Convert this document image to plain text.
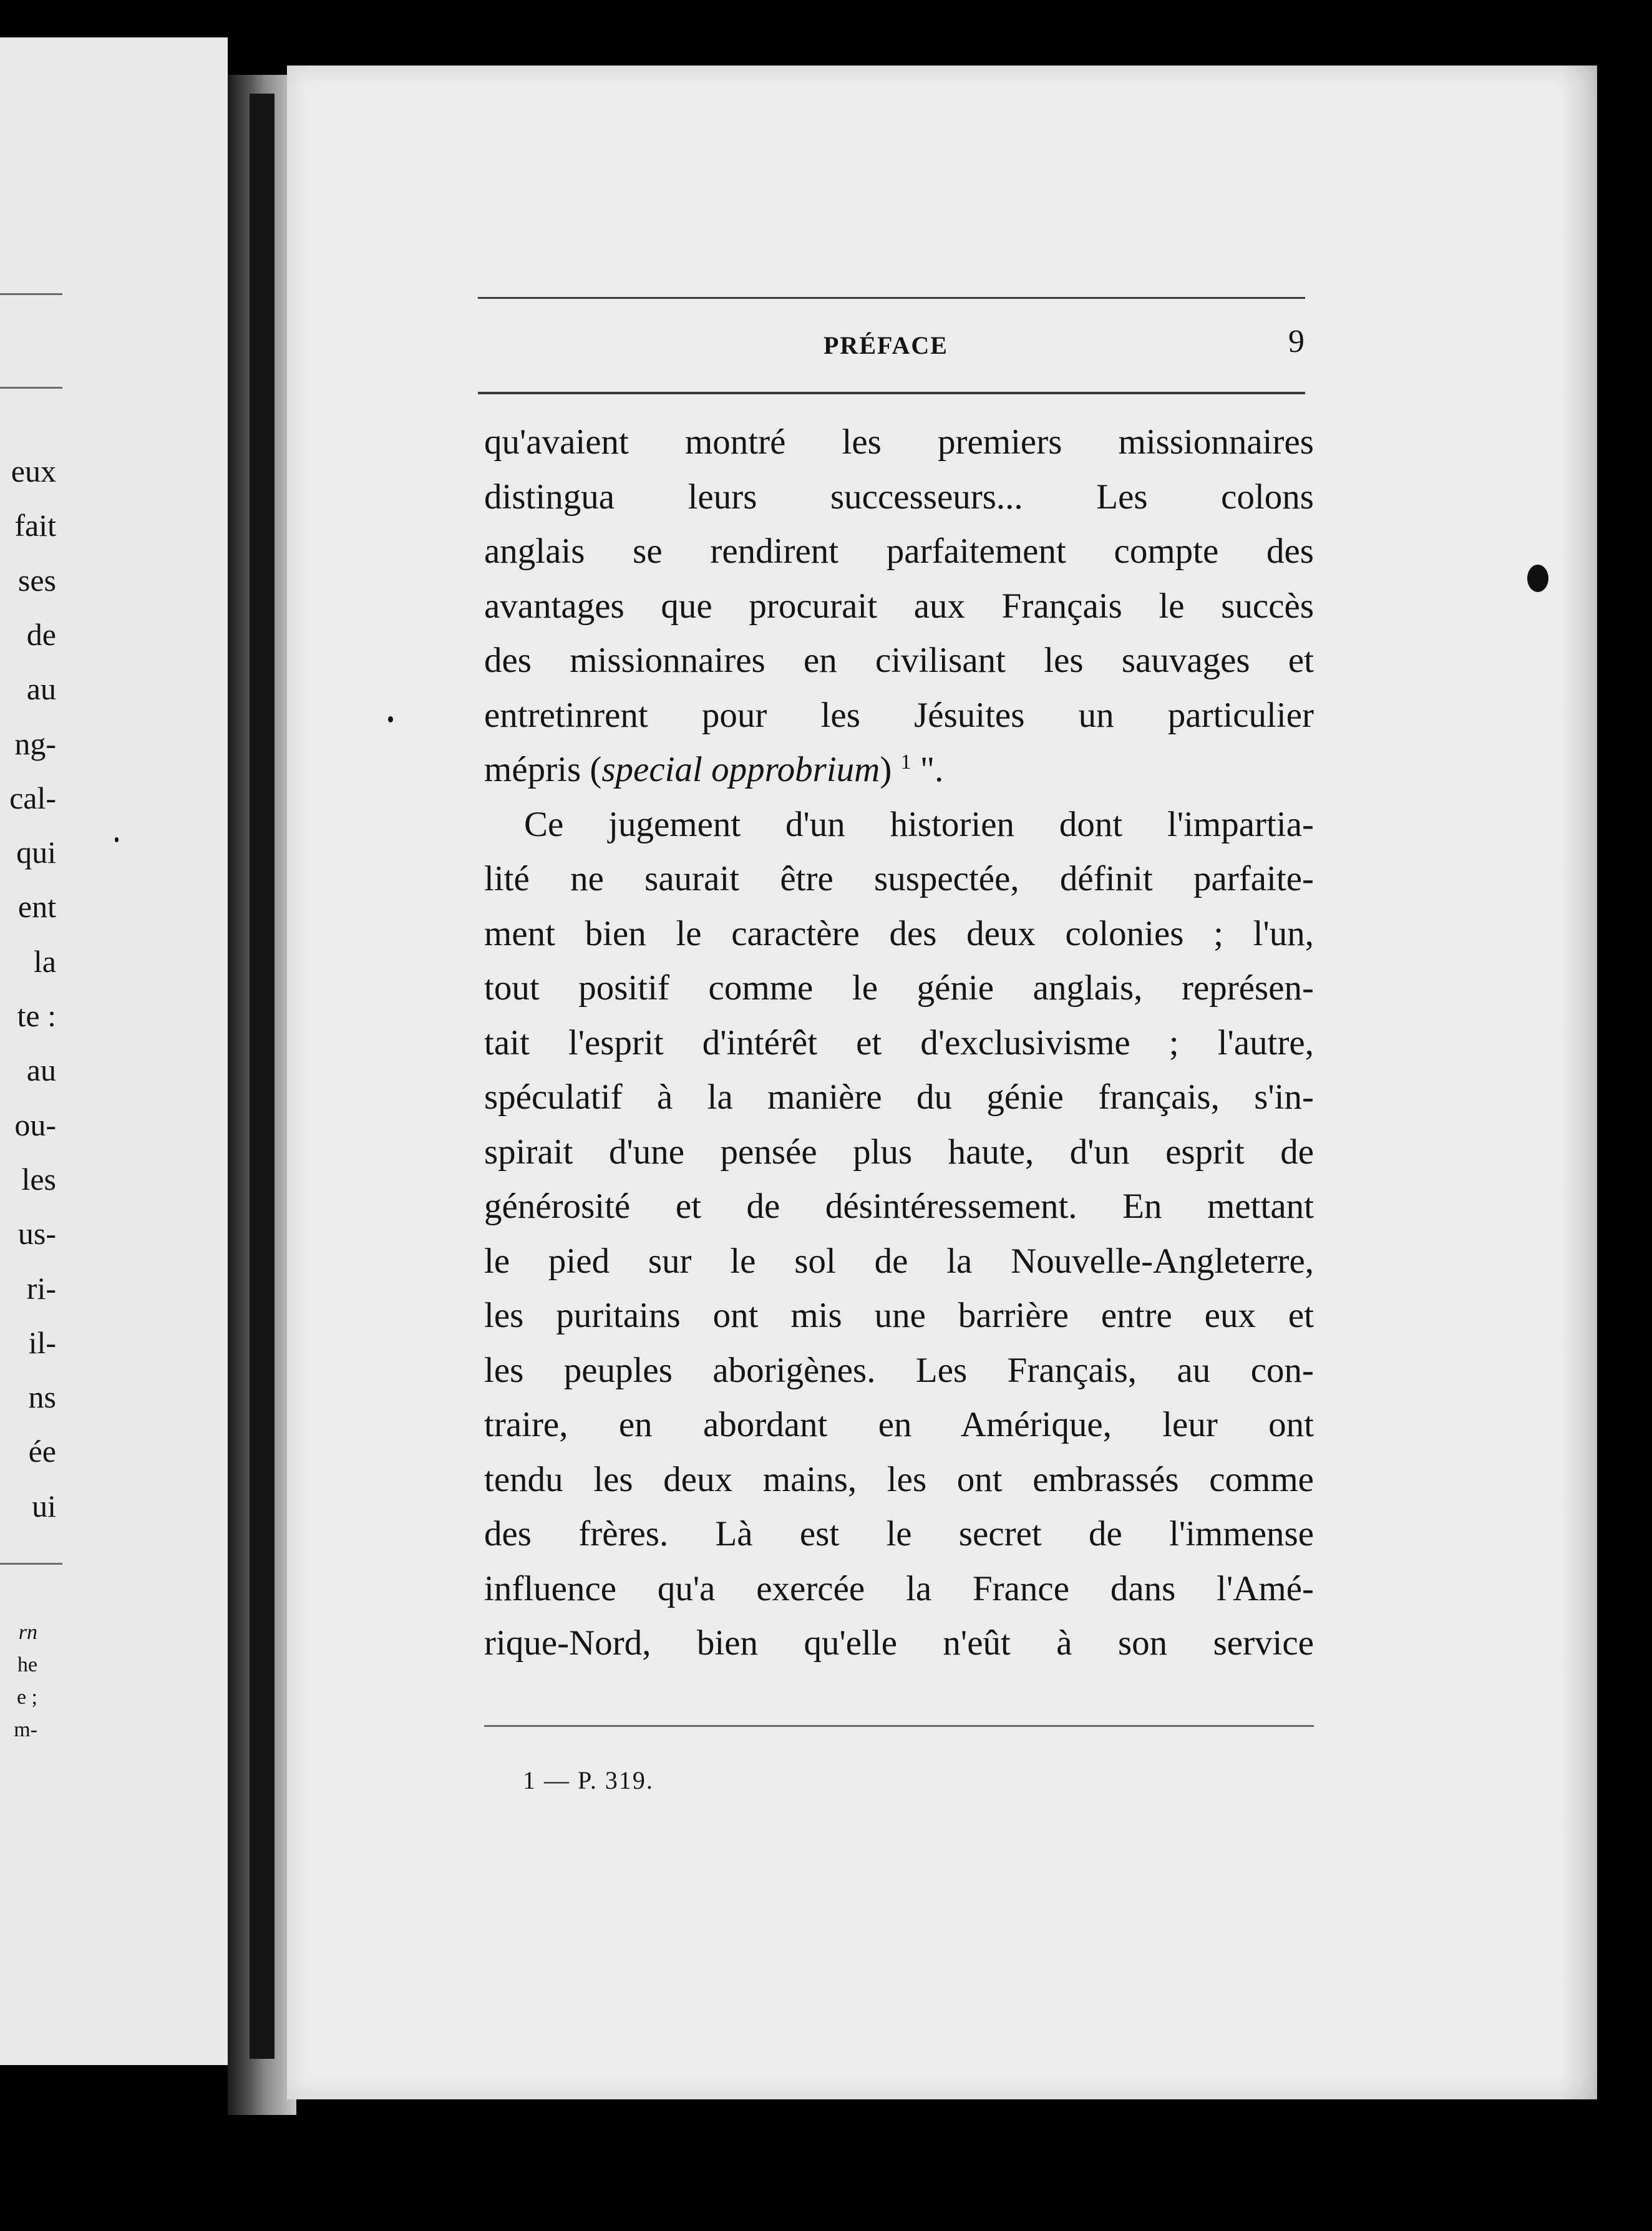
eux
fait
ses
de
au
ng-
cal-
qui
ent
la
te :
au
ou-
les
us-
ri-
il-
ns
ée
ui
rn
he
e ;
m-
PRÉFACE	9
qu'avaient montré les premiers missionnaires
distingua leurs successeurs... Les colons
anglais se rendirent parfaitement compte des
avantages que procurait aux Français le succès
des missionnaires en civilisant les sauvages et
entretinrent pour les Jésuites un particulier
mépris (special opprobrium) $^1$ ".
Ce jugement d'un historien dont l'impartia-
lité ne saurait être suspectée, définit parfaite-
ment bien le caractère des deux colonies ; l'un,
tout positif comme le génie anglais, représen-
tait l'esprit d'intérêt et d'exclusivisme ; l'autre,
spéculatif à la manière du génie français, s'in-
spirait d'une pensée plus haute, d'un esprit de
générosité et de désintéressement. En mettant
le pied sur le sol de la Nouvelle-Angleterre,
les puritains ont mis une barrière entre eux et
les peuples aborigènes. Les Français, au con-
traire, en abordant en Amérique, leur ont
tendu les deux mains, les ont embrassés comme
des frères. Là est le secret de l'immense
influence qu'a exercée la France dans l'Amé-
rique-Nord, bien qu'elle n'eût à son service
1 — P. 319.
